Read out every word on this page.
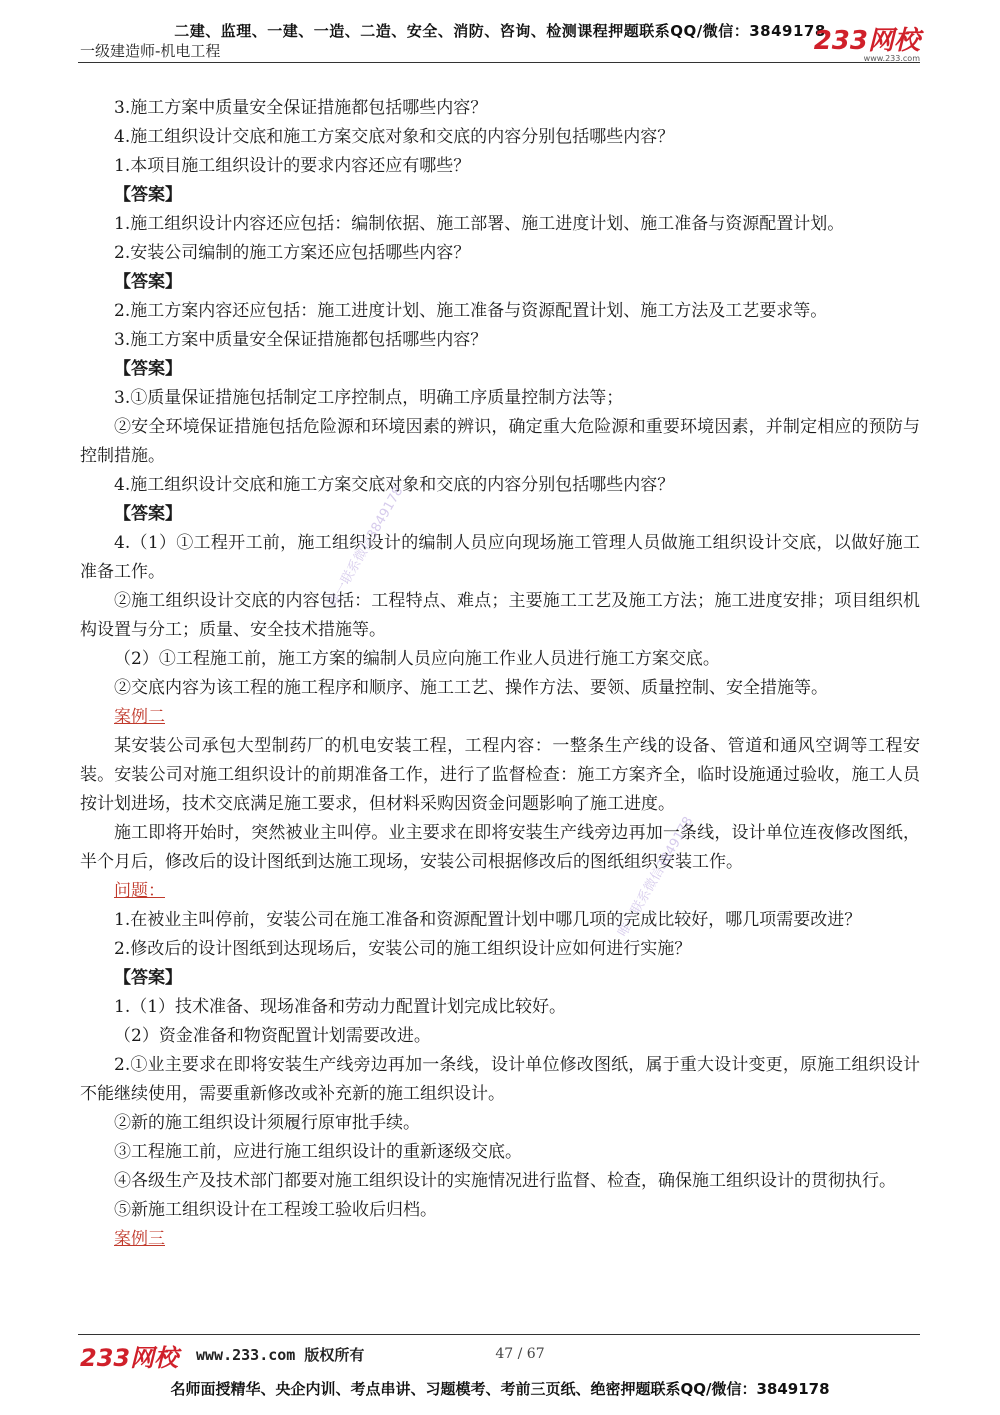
二建、监理、一建、一造、二造、安全、消防、咨询、检测课程押题联系QQ/微信：3849178
一级建造师-机电工程	233网校
www.233.com

3.施工方案中质量安全保证措施都包括哪些内容？

4.施工组织设计交底和施工方案交底对象和交底的内容分别包括哪些内容？

1.本项目施工组织设计的要求内容还应有哪些？

【答案】

1.施工组织设计内容还应包括：编制依据、施工部署、施工进度计划、施工准备与资源配置计划。

2.安装公司编制的施工方案还应包括哪些内容？

【答案】

2.施工方案内容还应包括：施工进度计划、施工准备与资源配置计划、施工方法及工艺要求等。

3.施工方案中质量安全保证措施都包括哪些内容？

【答案】

3.①质量保证措施包括制定工序控制点，明确工序质量控制方法等；

②安全环境保证措施包括危险源和环境因素的辨识，确定重大危险源和重要环境因素，并制定相应的预防与控制措施。

4.施工组织设计交底和施工方案交底对象和交底的内容分别包括哪些内容？

【答案】

4.（1）①工程开工前，施工组织设计的编制人员应向现场施工管理人员做施工组织设计交底，以做好施工准备工作。

②施工组织设计交底的内容包括：工程特点、难点；主要施工工艺及施工方法；施工进度安排；项目组织机构设置与分工；质量、安全技术措施等。

（2）①工程施工前，施工方案的编制人员应向施工作业人员进行施工方案交底。

②交底内容为该工程的施工程序和顺序、施工工艺、操作方法、要领、质量控制、安全措施等。

案例二

某安装公司承包大型制药厂的机电安装工程，工程内容：一整条生产线的设备、管道和通风空调等工程安装。安装公司对施工组织设计的前期准备工作，进行了监督检查：施工方案齐全，临时设施通过验收，施工人员按计划进场，技术交底满足施工要求，但材料采购因资金问题影响了施工进度。

施工即将开始时，突然被业主叫停。业主要求在即将安装生产线旁边再加一条线，设计单位连夜修改图纸，半个月后，修改后的设计图纸到达施工现场，安装公司根据修改后的图纸组织安装工作。

问题：

1.在被业主叫停前，安装公司在施工准备和资源配置计划中哪几项的完成比较好，哪几项需要改进？

2.修改后的设计图纸到达现场后，安装公司的施工组织设计应如何进行实施？

【答案】

1.（1）技术准备、现场准备和劳动力配置计划完成比较好。

（2）资金准备和物资配置计划需要改进。

2.①业主要求在即将安装生产线旁边再加一条线，设计单位修改图纸，属于重大设计变更，原施工组织设计不能继续使用，需要重新修改或补充新的施工组织设计。

②新的施工组织设计须履行原审批手续。

③工程施工前，应进行施工组织设计的重新逐级交底。

④各级生产及技术部门都要对施工组织设计的实施情况进行监督、检查，确保施工组织设计的贯彻执行。

⑤新施工组织设计在工程竣工验收后归档。

案例三

唯一联系微信3849178
唯一联系微信3849178
233网校 www.233.com 版权所有	47 / 67
名师面授精华、央企内训、考点串讲、习题模考、考前三页纸、绝密押题联系QQ/微信：3849178
